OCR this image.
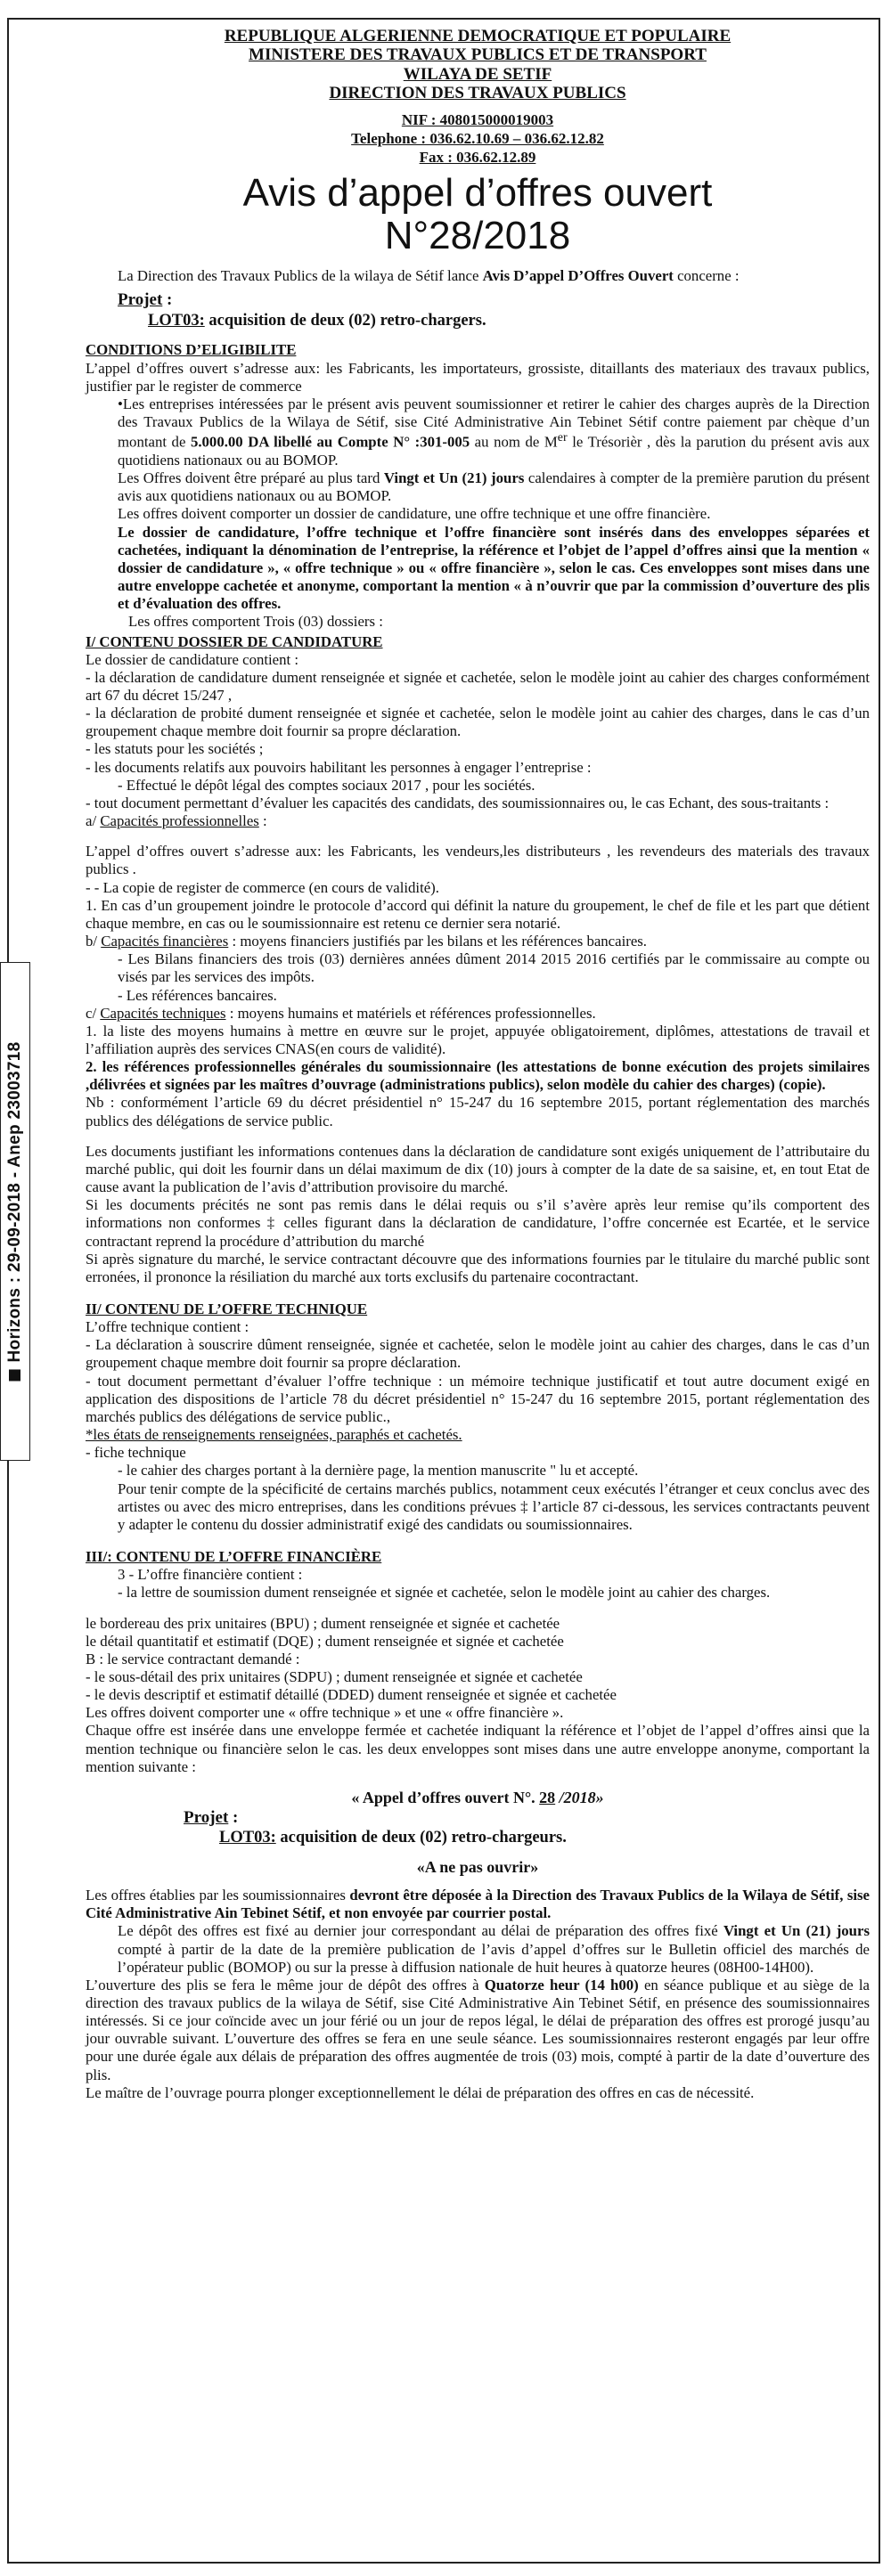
Horizons : 29-09-2018 - Anep 23003718
REPUBLIQUE ALGERIENNE DEMOCRATIQUE ET POPULAIRE
MINISTERE DES TRAVAUX PUBLICS ET DE TRANSPORT
WILAYA DE SETIF
DIRECTION DES TRAVAUX PUBLICS
NIF : 408015000019003
Telephone : 036.62.10.69 – 036.62.12.82
Fax : 036.62.12.89
Avis d’appel d’offres ouvert
N°28/2018

La Direction des Travaux Publics de la wilaya de Sétif lance Avis D’appel D’Offres Ouvert concerne :

Projet :
LOT03: acquisition de deux (02) retro-chargers.
CONDITIONS D’ELIGIBILITE

L’appel d’offres ouvert s’adresse aux: les Fabricants, les importateurs, grossiste, ditaillants des materiaux des travaux publics, justifier par le register de commerce

•Les entreprises intéressées par le présent avis peuvent soumissionner et retirer le cahier des charges auprès de la Direction des Travaux Publics de la Wilaya de Sétif, sise Cité Administrative Ain Tebinet Sétif contre paiement par chèque d’un montant de 5.000.00 DA libellé au Compte N° :301-005 au nom de Mer le Trésorièr , dès la parution du présent avis aux quotidiens nationaux ou au BOMOP.

Les Offres doivent être préparé au plus tard Vingt et Un (21) jours calendaires à compter de la première parution du présent avis aux quotidiens nationaux ou au BOMOP.

Les offres doivent comporter un dossier de candidature, une offre technique et une offre financière.

Le dossier de candidature, l’offre technique et l’offre financière sont insérés dans des enveloppes séparées et cachetées, indiquant la dénomination de l’entreprise, la référence et l’objet de l’appel d’offres ainsi que la mention « dossier de candidature », « offre technique » ou « offre financière », selon le cas. Ces enveloppes sont mises dans une autre enveloppe cachetée et anonyme, comportant la mention « à n’ouvrir que par la commission d’ouverture des plis et d’évaluation des offres.

Les offres comportent Trois (03) dossiers :

I/ CONTENU DOSSIER DE CANDIDATURE

Le dossier de candidature contient :

- la déclaration de candidature dument renseignée et signée et cachetée, selon le modèle joint au cahier des charges conformément art 67 du décret 15/247 ,

- la déclaration de probité dument renseignée et signée et cachetée, selon le modèle joint au cahier des charges, dans le cas d’un groupement chaque membre doit fournir sa propre déclaration.

- les statuts pour les sociétés ;

- les documents relatifs aux pouvoirs habilitant les personnes à engager l’entreprise :

- Effectué le dépôt légal des comptes sociaux 2017 , pour les sociétés.

- tout document permettant d’évaluer les capacités des candidats, des soumissionnaires ou, le cas Echant, des sous-traitants :

a/ Capacités professionnelles :

L’appel d’offres ouvert s’adresse aux: les Fabricants, les vendeurs,les distributeurs , les revendeurs des materials des travaux publics .

- - La copie de register de commerce (en cours de validité).

1. En cas d’un groupement joindre le protocole d’accord qui définit la nature du groupement, le chef de file et les part que détient chaque membre, en cas ou le soumissionnaire est retenu ce dernier sera notarié.

b/ Capacités financières : moyens financiers justifiés par les bilans et les références bancaires.

- Les Bilans financiers des trois (03) dernières années dûment 2014 2015 2016 certifiés par le commissaire au compte ou visés par les services des impôts.

- Les références bancaires.

c/ Capacités techniques : moyens humains et matériels et références professionnelles.

1. la liste des moyens humains à mettre en œuvre sur le projet, appuyée obligatoirement, diplômes, attestations de travail et l’affiliation auprès des services CNAS(en cours de validité).

2. les références professionnelles générales du soumissionnaire (les attestations de bonne exécution des projets similaires ,délivrées et signées par les maîtres d’ouvrage (administrations publics), selon modèle du cahier des charges) (copie).

Nb : conformément l’article 69 du décret présidentiel n° 15-247 du 16 septembre 2015, portant réglementation des marchés publics des délégations de service public.

Les documents justifiant les informations contenues dans la déclaration de candidature sont exigés uniquement de l’attributaire du marché public, qui doit les fournir dans un délai maximum de dix (10) jours à compter de la date de sa saisine, et, en tout Etat de cause avant la publication de l’avis d’attribution provisoire du marché.

Si les documents précités ne sont pas remis dans le délai requis ou s’il s’avère après leur remise qu’ils comportent des informations non conformes ‡ celles figurant dans la déclaration de candidature, l’offre concernée est Ecartée, et le service contractant reprend la procédure d’attribution du marché

Si après signature du marché, le service contractant découvre que des informations fournies par le titulaire du marché public sont erronées, il prononce la résiliation du marché aux torts exclusifs du partenaire cocontractant.

II/ CONTENU DE L’OFFRE TECHNIQUE

L’offre technique contient :

- La déclaration à souscrire dûment renseignée, signée et cachetée, selon le modèle joint au cahier des charges, dans le cas d’un groupement chaque membre doit fournir sa propre déclaration.

- tout document permettant d’évaluer l’offre technique : un mémoire technique justificatif et tout autre document exigé en application des dispositions de l’article 78 du décret présidentiel n° 15-247 du 16 septembre 2015, portant réglementation des marchés publics des délégations de service public.,

*les états de renseignements renseignées, paraphés et cachetés.

- fiche technique

- le cahier des charges portant à la dernière page, la mention manuscrite " lu et accepté.

Pour tenir compte de la spécificité de certains marchés publics, notamment ceux exécutés l’étranger et ceux conclus avec des artistes ou avec des micro entreprises, dans les conditions prévues ‡ l’article 87 ci-dessous, les services contractants peuvent y adapter le contenu du dossier administratif exigé des candidats ou soumissionnaires.

III/: CONTENU DE L’OFFRE FINANCIÈRE

3 - L’offre financière contient :

- la lettre de soumission dument renseignée et signée et cachetée, selon le modèle joint au cahier des charges.

le bordereau des prix unitaires (BPU) ; dument renseignée et signée et cachetée

le détail quantitatif et estimatif (DQE) ; dument renseignée et signée et cachetée

B : le service contractant demandé :

- le sous-détail des prix unitaires (SDPU) ; dument renseignée et signée et cachetée

- le devis descriptif et estimatif détaillé (DDED) dument renseignée et signée et cachetée

Les offres doivent comporter une « offre technique » et une « offre financière ».

Chaque offre est insérée dans une enveloppe fermée et cachetée indiquant la référence et l’objet de l’appel d’offres ainsi que la mention technique ou financière selon le cas. les deux enveloppes sont mises dans une autre enveloppe anonyme, comportant la mention suivante :

« Appel d’offres ouvert N°. 28 /2018»
Projet :
LOT03: acquisition de deux (02) retro-chargeurs.
«A ne pas ouvrir»

Les offres établies par les soumissionnaires devront être déposée à la Direction des Travaux Publics de la Wilaya de Sétif, sise Cité Administrative Ain Tebinet Sétif, et non envoyée par courrier postal.

Le dépôt des offres est fixé au dernier jour correspondant au délai de préparation des offres fixé Vingt et Un (21) jours compté à partir de la date de la première publication de l’avis d’appel d’offres sur le Bulletin officiel des marchés de l’opérateur public (BOMOP) ou sur la presse à diffusion nationale de huit heures à quatorze heures (08H00-14H00).

L’ouverture des plis se fera le même jour de dépôt des offres à Quatorze heur (14 h00) en séance publique et au siège de la direction des travaux publics de la wilaya de Sétif, sise Cité Administrative Ain Tebinet Sétif, en présence des soumissionnaires intéressés. Si ce jour coïncide avec un jour férié ou un jour de repos légal, le délai de préparation des offres est prorogé jusqu’au jour ouvrable suivant. L’ouverture des offres se fera en une seule séance. Les soumissionnaires resteront engagés par leur offre pour une durée égale aux délais de préparation des offres augmentée de trois (03) mois, compté à partir de la date d’ouverture des plis.

Le maître de l’ouvrage pourra plonger exceptionnellement le délai de préparation des offres en cas de nécessité.
